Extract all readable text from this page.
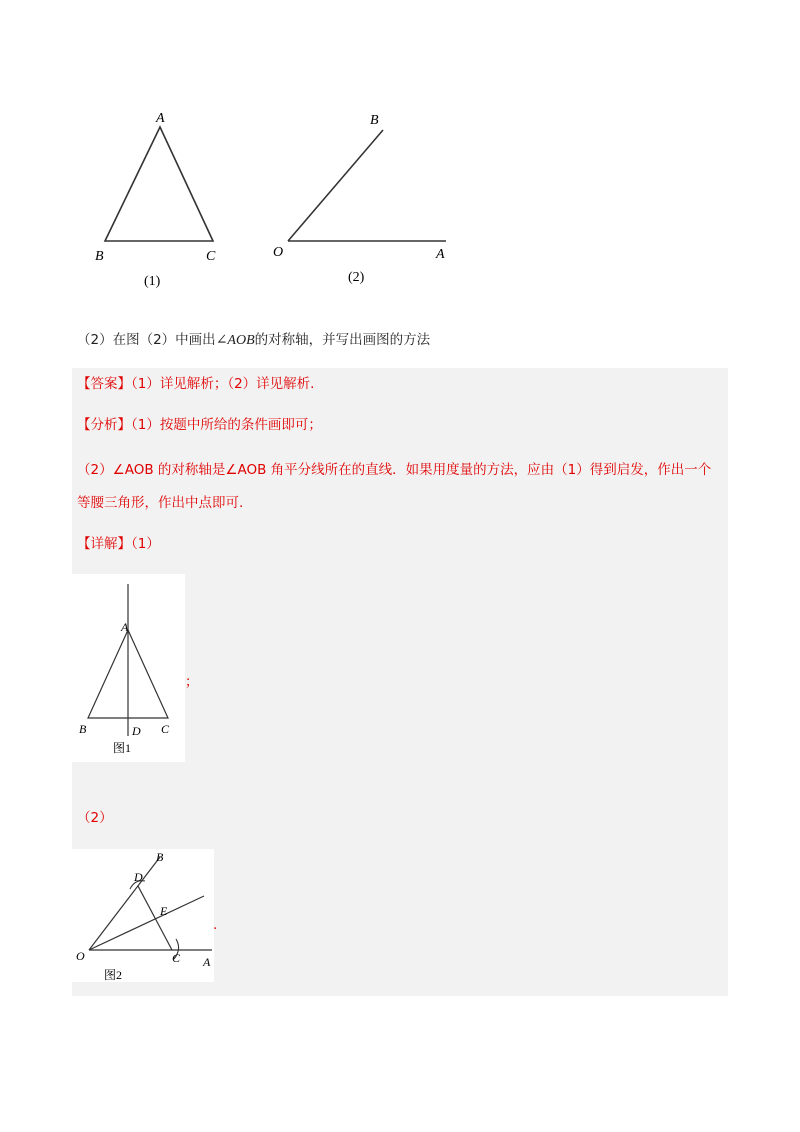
A
B	C
(1)
B
O	A
(2)
（2）在图（2）中画出∠AOB的对称轴，并写出画图的方法
【答案】（1）详见解析；（2）详见解析.
【分析】（1）按题中所给的条件画即可；
（2）∠AOB 的对称轴是∠AOB 角平分线所在的直线．如果用度量的方法，应由（1）得到启发，作出一个
等腰三角形，作出中点即可.
【详解】（1）
A
B	D C
图1
；
（2）
B
D
E
O	C A
图2
.
